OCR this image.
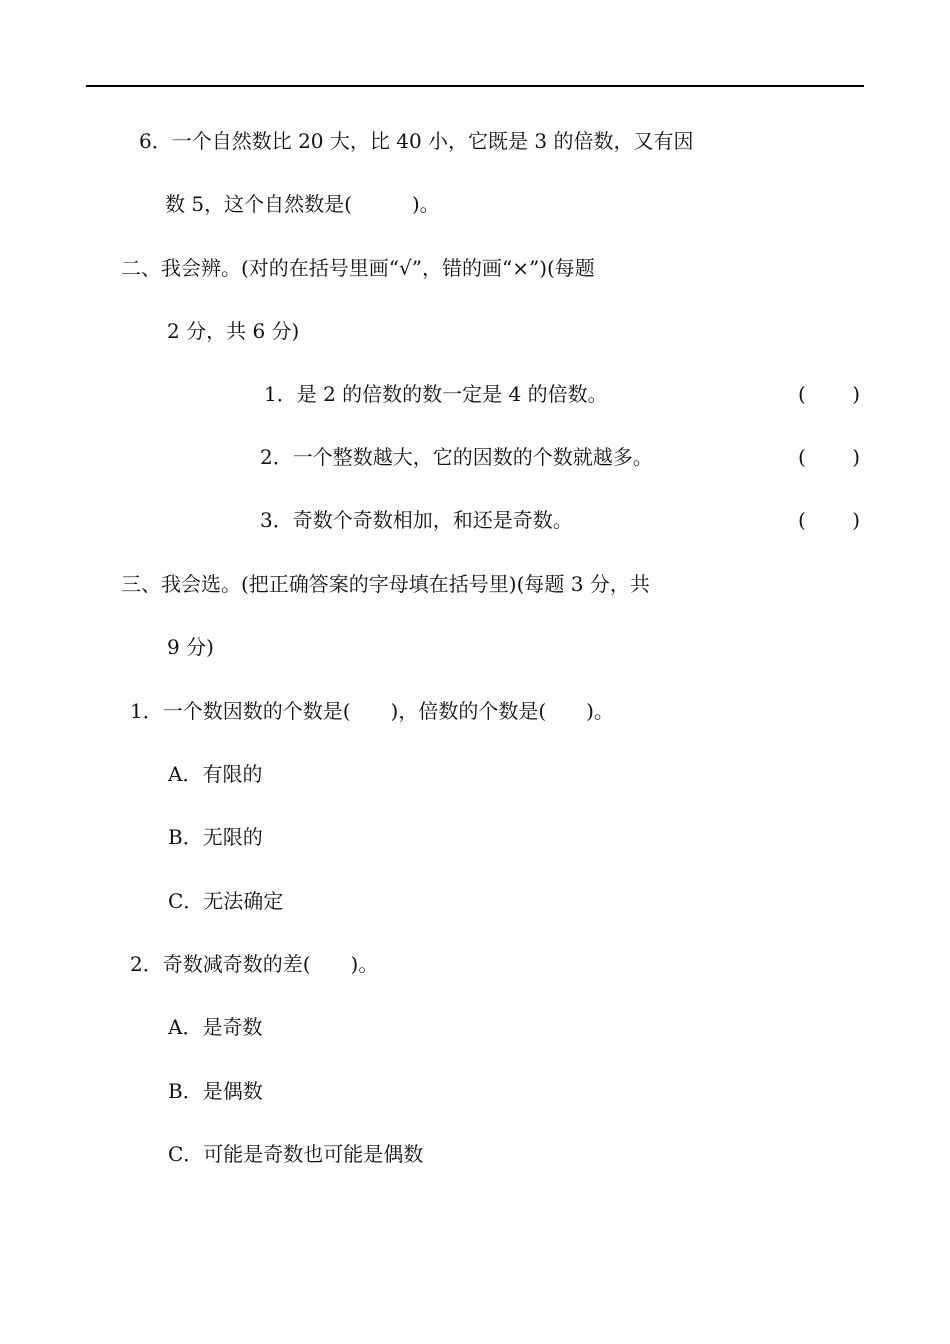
6．一个自然数比 20 大，比 40 小，它既是 3 的倍数，又有因
数 5，这个自然数是(　　　)。
二、我会辨。(对的在括号里画“√”，错的画“×”)(每题
2 分，共 6 分)
1．是 2 的倍数的数一定是 4 的倍数。	( )
2．一个整数越大，它的因数的个数就越多。	( )
3．奇数个奇数相加，和还是奇数。	( )
三、我会选。(把正确答案的字母填在括号里)(每题 3 分，共
9 分)
1．一个数因数的个数是(　　)，倍数的个数是(　　)。
A．有限的
B．无限的
C．无法确定
2．奇数减奇数的差(　　)。
A．是奇数
B．是偶数
C．可能是奇数也可能是偶数
